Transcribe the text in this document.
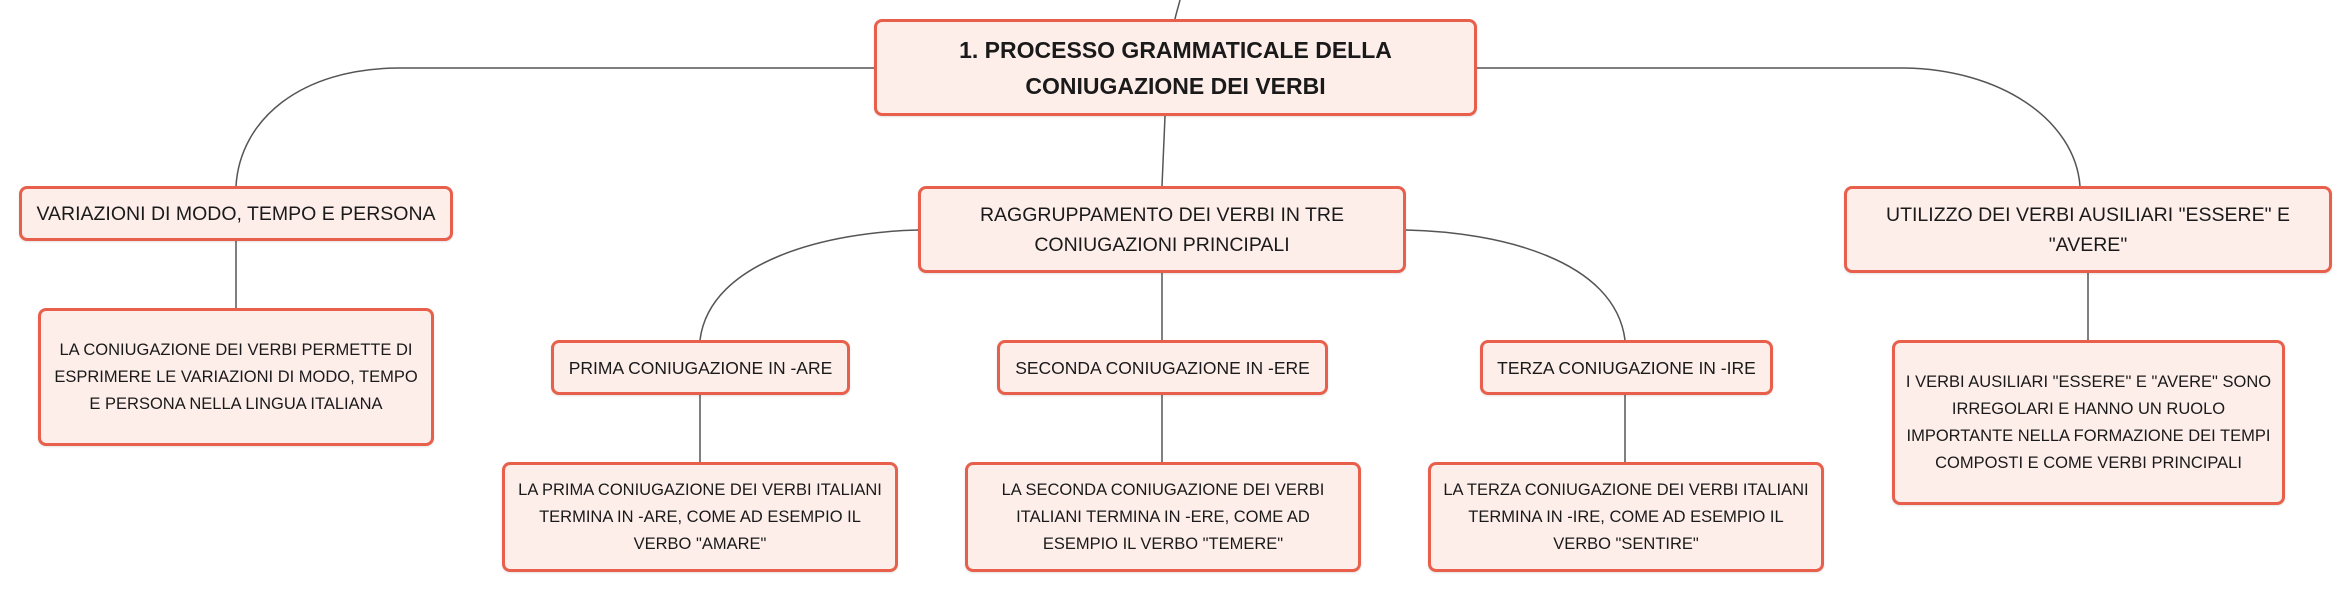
1. PROCESSO GRAMMATICALE DELLA
CONIUGAZIONE DEI VERBI
VARIAZIONI DI MODO, TEMPO E PERSONA	RAGGRUPPAMENTO DEI VERBI IN TRE
CONIUGAZIONI PRINCIPALI
UTILIZZO DEI VERBI AUSILIARI "ESSERE" E "AVERE"
LA CONIUGAZIONE DEI VERBI PERMETTE DI
ESPRIMERE LE VARIAZIONI DI MODO, TEMPO
E PERSONA NELLA LINGUA ITALIANA
PRIMA CONIUGAZIONE IN -ARE	SECONDA CONIUGAZIONE IN -ERE	TERZA CONIUGAZIONE IN -IRE
LA PRIMA CONIUGAZIONE DEI VERBI ITALIANI
TERMINA IN -ARE, COME AD ESEMPIO IL
VERBO "AMARE"
LA SECONDA CONIUGAZIONE DEI VERBI
ITALIANI TERMINA IN -ERE, COME AD
ESEMPIO IL VERBO "TEMERE"
LA TERZA CONIUGAZIONE DEI VERBI ITALIANI
TERMINA IN -IRE, COME AD ESEMPIO IL
VERBO "SENTIRE"
I VERBI AUSILIARI "ESSERE" E "AVERE" SONO
IRREGOLARI E HANNO UN RUOLO
IMPORTANTE NELLA FORMAZIONE DEI TEMPI
COMPOSTI E COME VERBI PRINCIPALI
